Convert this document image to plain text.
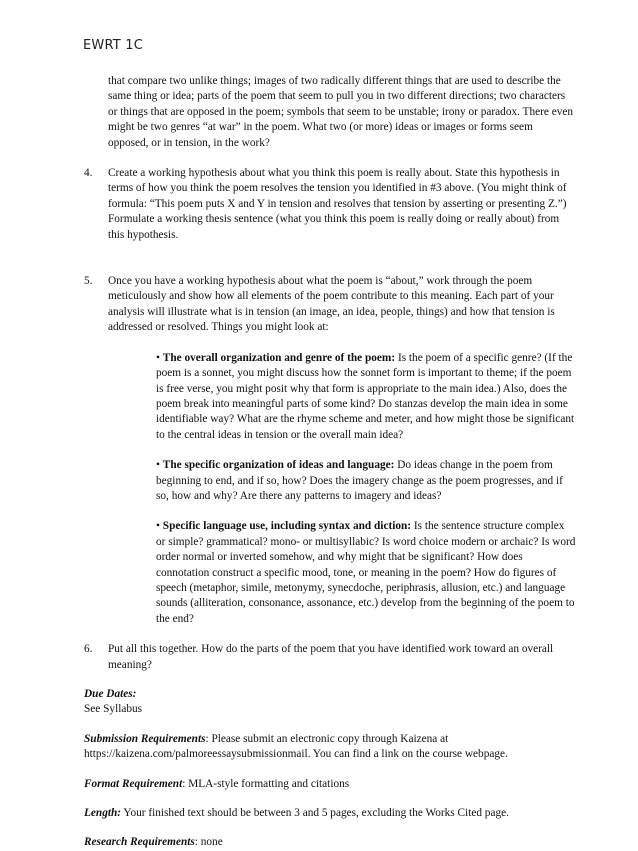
EWRT 1C

that compare two unlike things; images of two radically different things that are used to describe the same thing or idea; parts of the poem that seem to pull you in two different directions; two characters or things that are opposed in the poem; symbols that seem to be unstable; irony or paradox. There even might be two genres “at war” in the poem. What two (or more) ideas or images or forms seem opposed, or in tension, in the work?

4.	Create a working hypothesis about what you think this poem is really about. State this hypothesis in terms of how you think the poem resolves the tension you identified in #3 above. (You might think of formula: “This poem puts X and Y in tension and resolves that tension by asserting or presenting Z.”) Formulate a working thesis sentence (what you think this poem is really doing or really about) from this hypothesis.
5.	Once you have a working hypothesis about what the poem is “about,” work through the poem meticulously and show how all elements of the poem contribute to this meaning. Each part of your analysis will illustrate what is in tension (an image, an idea, people, things) and how that tension is addressed or resolved. Things you might look at:

• The overall organization and genre of the poem: Is the poem of a specific genre? (If the poem is a sonnet, you might discuss how the sonnet form is important to theme; if the poem is free verse, you might posit why that form is appropriate to the main idea.) Also, does the poem break into meaningful parts of some kind? Do stanzas develop the main idea in some identifiable way? What are the rhyme scheme and meter, and how might those be significant to the central ideas in tension or the overall main idea?

• The specific organization of ideas and language: Do ideas change in the poem from beginning to end, and if so, how? Does the imagery change as the poem progresses, and if so, how and why? Are there any patterns to imagery and ideas?

• Specific language use, including syntax and diction: Is the sentence structure complex or simple? grammatical? mono- or multisyllabic? Is word choice modern or archaic? Is word order normal or inverted somehow, and why might that be significant? How does connotation construct a specific mood, tone, or meaning in the poem? How do figures of speech (metaphor, simile, metonymy, synecdoche, periphrasis, allusion, etc.) and language sounds (alliteration, consonance, assonance, etc.) develop from the beginning of the poem to the end?

6.	Put all this together. How do the parts of the poem that you have identified work toward an overall meaning?
Due Dates:
See Syllabus

Submission Requirements: Please submit an electronic copy through Kaizena at https://kaizena.com/palmoreessaysubmissionmail. You can find a link on the course webpage.

Format Requirement: MLA-style formatting and citations

Length: Your finished text should be between 3 and 5 pages, excluding the Works Cited page.

Research Requirements: none
